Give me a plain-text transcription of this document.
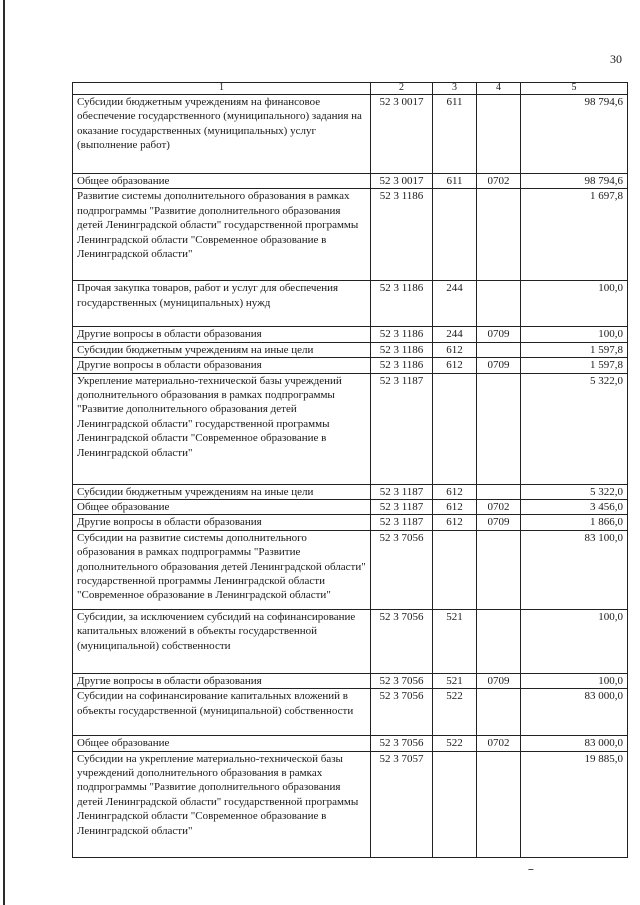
30
1	2	3	4	5
Субсидии бюджетным учреждениям на финансовое обеспечение государственного (муниципального) задания на оказание государственных (муниципальных) услуг (выполнение работ)	52 3 0017	611		98 794,6
Общее образование	52 3 0017	611	0702	98 794,6
Развитие системы дополнительного образования в рамках подпрограммы "Развитие дополнительного образования детей Ленинградской области" государственной программы Ленинградской области "Современное образование в Ленинградской области"	52 3 1186			1 697,8
Прочая закупка товаров, работ и услуг для обеспечения государственных (муниципальных) нужд	52 3 1186	244		100,0
Другие вопросы в области образования	52 3 1186	244	0709	100,0
Субсидии бюджетным учреждениям на иные цели	52 3 1186	612		1 597,8
Другие вопросы в области образования	52 3 1186	612	0709	1 597,8
Укрепление материально-технической базы учреждений дополнительного образования в рамках подпрограммы "Развитие дополнительного образования детей Ленинградской области" государственной программы Ленинградской области "Современное образование в Ленинградской области"	52 3 1187			5 322,0
Субсидии бюджетным учреждениям на иные цели	52 3 1187	612		5 322,0
Общее образование	52 3 1187	612	0702	3 456,0
Другие вопросы в области образования	52 3 1187	612	0709	1 866,0
Субсидии на развитие системы дополнительного образования в рамках подпрограммы "Развитие дополнительного образования детей Ленинградской области" государственной программы Ленинградской области "Современное образование в Ленинградской области"	52 3 7056			83 100,0
Субсидии, за исключением субсидий на софинансирование капитальных вложений в объекты государственной (муниципальной) собственности	52 3 7056	521		100,0
Другие вопросы в области образования	52 3 7056	521	0709	100,0
Субсидии на софинансирование капитальных вложений в объекты государственной (муниципальной) собственности	52 3 7056	522		83 000,0
Общее образование	52 3 7056	522	0702	83 000,0
Субсидии на укрепление материально-технической базы учреждений дополнительного образования в рамках подпрограммы "Развитие дополнительного образования детей Ленинградской области" государственной программы Ленинградской области "Современное образование в Ленинградской области"	52 3 7057			19 885,0
--
